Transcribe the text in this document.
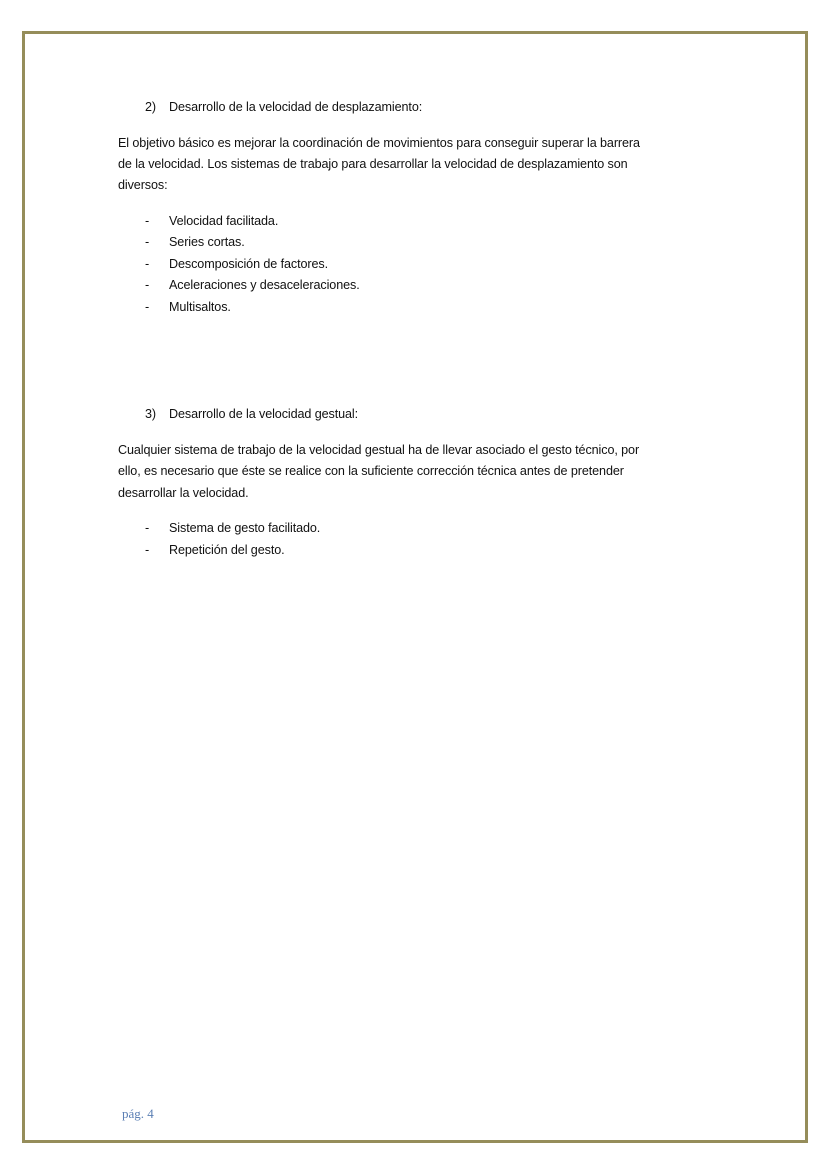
2) Desarrollo de la velocidad de desplazamiento:
El objetivo básico es mejorar la coordinación de movimientos para conseguir superar la barrera
de la velocidad. Los sistemas de trabajo para desarrollar la velocidad de desplazamiento son
diversos:
- Velocidad facilitada.
- Series cortas.
- Descomposición de factores.
- Aceleraciones y desaceleraciones.
- Multisaltos.
3) Desarrollo de la velocidad gestual:
Cualquier sistema de trabajo de la velocidad gestual ha de llevar asociado el gesto técnico, por
ello, es necesario que éste se realice con la suficiente corrección técnica antes de pretender
desarrollar la velocidad.
- Sistema de gesto facilitado.
- Repetición del gesto.
pág. 4
